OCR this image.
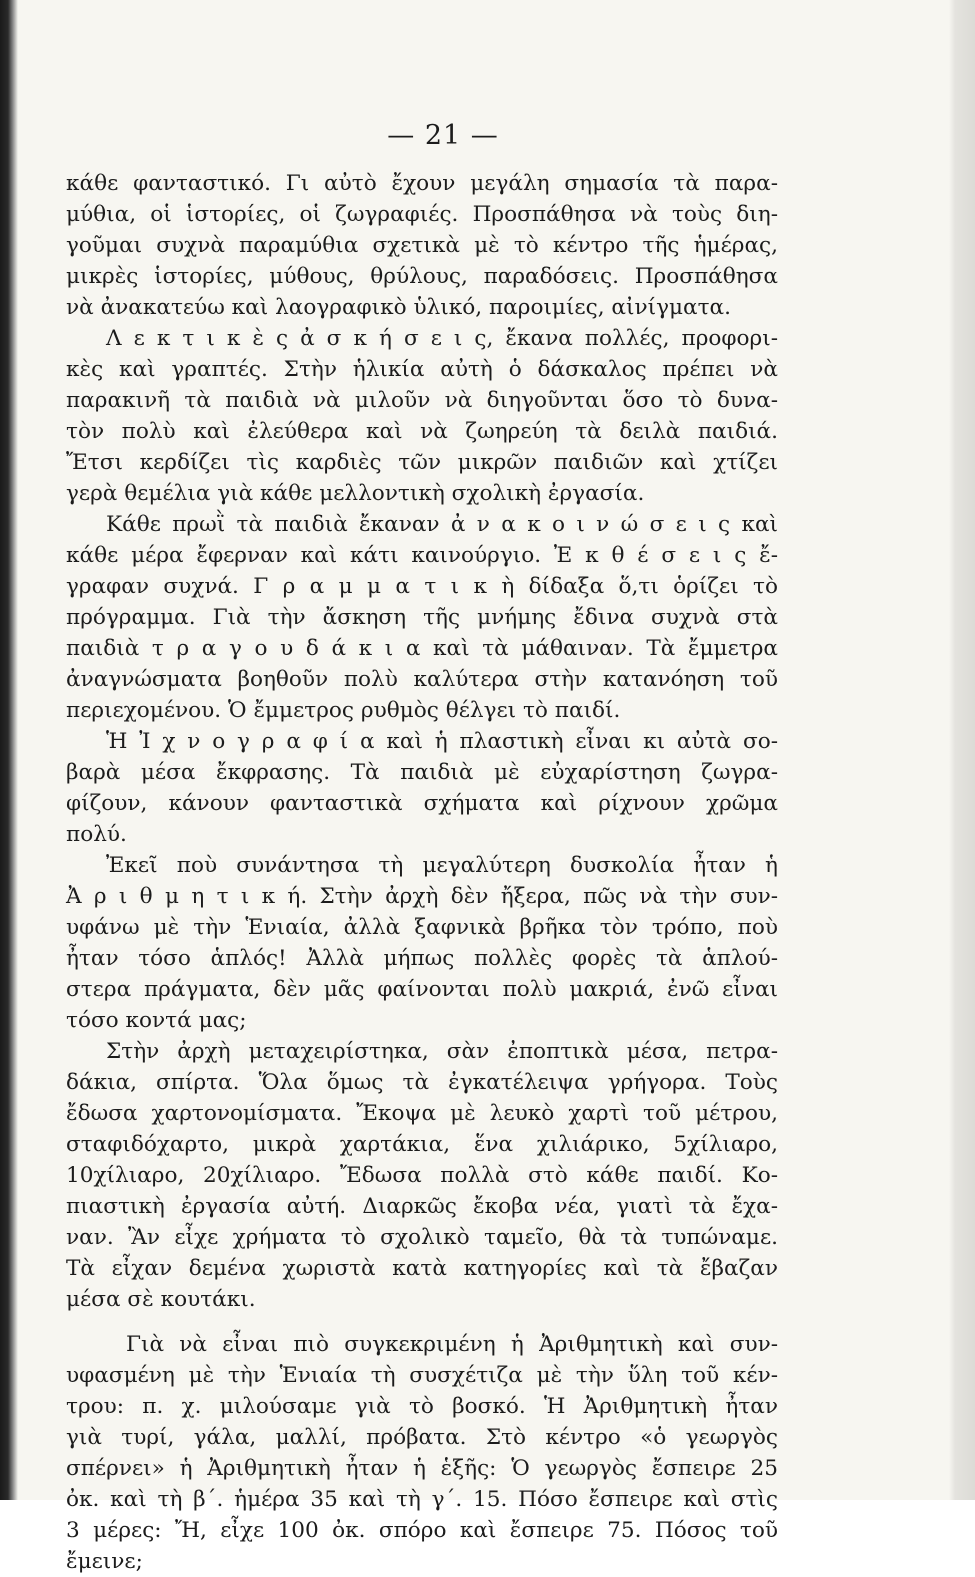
— 21 —
κάθε φανταστικό. Γι αὐτὸ ἔχουν μεγάλη σημασία τὰ παρα-
μύθια, οἱ ἱστορίες, οἱ ζωγραφιές. Προσπάθησα νὰ τοὺς διη-
γοῦμαι συχνὰ παραμύθια σχετικὰ μὲ τὸ κέντρο τῆς ἡμέρας,
μικρὲς ἱστορίες, μύθους, θρύλους, παραδόσεις. Προσπάθησα
νὰ ἀνακατεύω καὶ λαογραφικὸ ὑλικό, παροιμίες, αἰνίγματα.
Λ ε κ τ ι κ ὲ ς ἀ σ κ ή σ ε ι ς, ἔκανα πολλές, προφορι-
κὲς καὶ γραπτές. Στὴν ἡλικία αὐτὴ ὁ δάσκαλος πρέπει νὰ
παρακινῆ τὰ παιδιὰ νὰ μιλοῦν νὰ διηγοῦνται ὅσο τὸ δυνα-
τὸν πολὺ καὶ ἐλεύθερα καὶ νὰ ζωηρεύη τὰ δειλὰ παιδιά.
Ἔτσι κερδίζει τὶς καρδιὲς τῶν μικρῶν παιδιῶν καὶ χτίζει
γερὰ θεμέλια γιὰ κάθε μελλοντικὴ σχολικὴ ἐργασία.
Κάθε πρωῒ τὰ παιδιὰ ἔκαναν ἀ ν α κ ο ι ν ώ σ ε ι ς καὶ
κάθε μέρα ἔφερναν καὶ κάτι καινούργιο. Ἐ κ θ έ σ ε ι ς ἔ-
γραφαν συχνά. Γ ρ α μ μ α τ ι κ ὴ δίδαξα ὅ,τι ὁρίζει τὸ
πρόγραμμα. Γιὰ τὴν ἄσκηση τῆς μνήμης ἔδινα συχνὰ στὰ
παιδιὰ τ ρ α γ ο υ δ ά κ ι α καὶ τὰ μάθαιναν. Τὰ ἔμμετρα
ἀναγνώσματα βοηθοῦν πολὺ καλύτερα στὴν κατανόηση τοῦ
περιεχομένου. Ὁ ἔμμετρος ρυθμὸς θέλγει τὸ παιδί.
Ἡ Ἰ χ ν ο γ ρ α φ ί α καὶ ἡ πλαστικὴ εἶναι κι αὐτὰ σο-
βαρὰ μέσα ἔκφρασης. Τὰ παιδιὰ μὲ εὐχαρίστηση ζωγρα-
φίζουν, κάνουν φανταστικὰ σχήματα καὶ ρίχνουν χρῶμα
πολύ.
Ἐκεῖ ποὺ συνάντησα τὴ μεγαλύτερη δυσκολία ἦταν ἡ
Ἀ ρ ι θ μ η τ ι κ ή. Στὴν ἀρχὴ δὲν ἤξερα, πῶς νὰ τὴν συν-
υφάνω μὲ τὴν Ἑνιαία, ἀλλὰ ξαφνικὰ βρῆκα τὸν τρόπο, ποὺ
ἦταν τόσο ἁπλός! Ἀλλὰ μήπως πολλὲς φορὲς τὰ ἁπλού-
στερα πράγματα, δὲν μᾶς φαίνονται πολὺ μακριά, ἐνῶ εἶναι
τόσο κοντά μας;
Στὴν ἀρχὴ μεταχειρίστηκα, σὰν ἐποπτικὰ μέσα, πετρα-
δάκια, σπίρτα. Ὅλα ὅμως τὰ ἐγκατέλειψα γρήγορα. Τοὺς
ἔδωσα χαρτονομίσματα. Ἔκοψα μὲ λευκὸ χαρτὶ τοῦ μέτρου,
σταφιδόχαρτο, μικρὰ χαρτάκια, ἕνα χιλιάρικο, 5χίλιαρο,
10χίλιαρο, 20χίλιαρο. Ἔδωσα πολλὰ στὸ κάθε παιδί. Κο-
πιαστικὴ ἐργασία αὐτή. Διαρκῶς ἔκοβα νέα, γιατὶ τὰ ἔχα-
ναν. Ἂν εἶχε χρήματα τὸ σχολικὸ ταμεῖο, θὰ τὰ τυπώναμε.
Τὰ εἶχαν δεμένα χωριστὰ κατὰ κατηγορίες καὶ τὰ ἔβαζαν
μέσα σὲ κουτάκι.
Γιὰ νὰ εἶναι πιὸ συγκεκριμένη ἡ Ἀριθμητικὴ καὶ συν-
υφασμένη μὲ τὴν Ἑνιαία τὴ συσχέτιζα μὲ τὴν ὕλη τοῦ κέν-
τρου: π. χ. μιλούσαμε γιὰ τὸ βοσκό. Ἡ Ἀριθμητικὴ ἦταν
γιὰ τυρί, γάλα, μαλλί, πρόβατα. Στὸ κέντρο «ὁ γεωργὸς
σπέρνει» ἡ Ἀριθμητικὴ ἦταν ἡ ἑξῆς: Ὁ γεωργὸς ἔσπειρε 25
ὀκ. καὶ τὴ β΄. ἡμέρα 35 καὶ τὴ γ΄. 15. Πόσο ἔσπειρε καὶ στὶς
3 μέρες: Ἤ, εἶχε 100 ὀκ. σπόρο καὶ ἔσπειρε 75. Πόσος τοῦ
ἔμεινε;
